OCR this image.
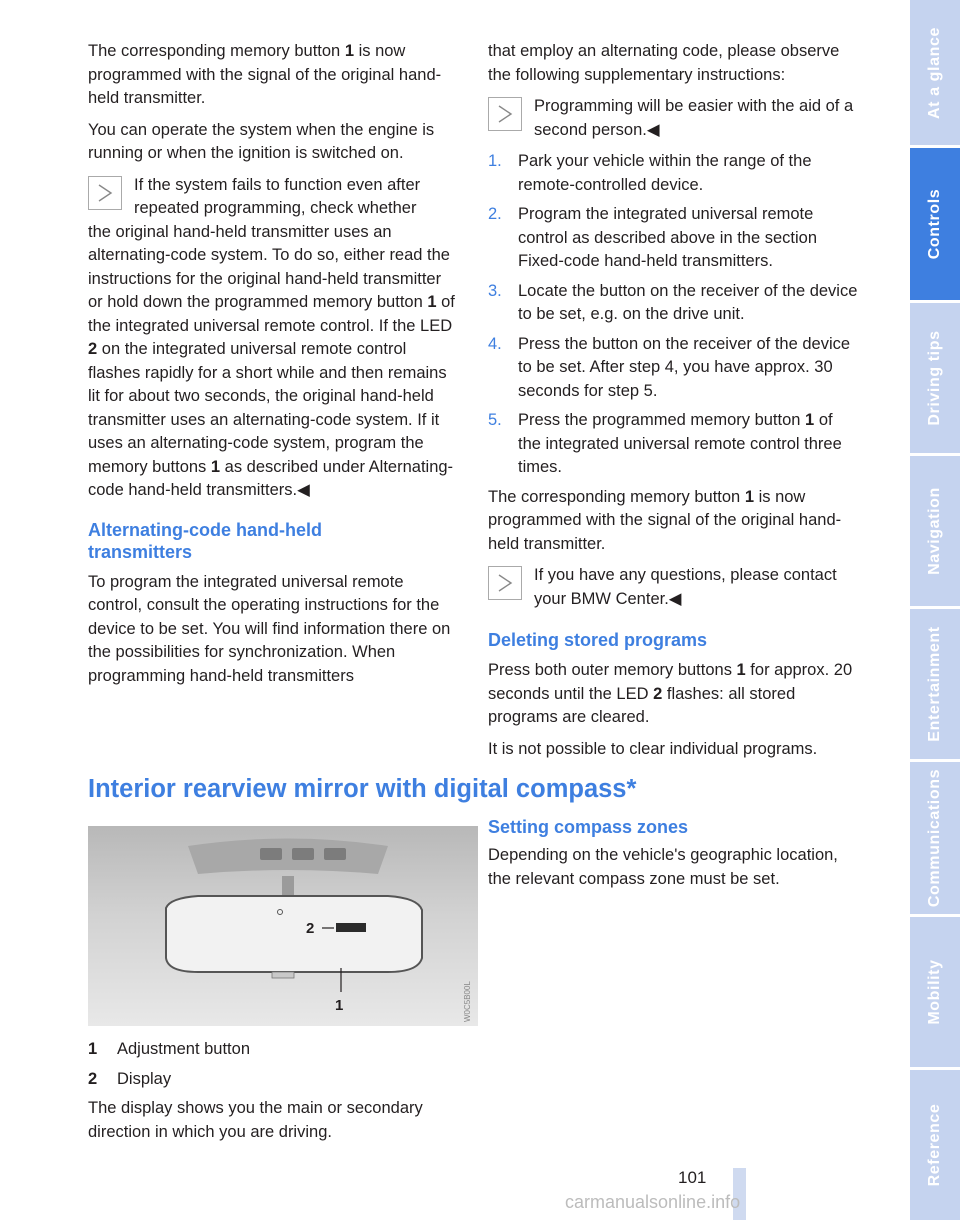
The corresponding memory button 1 is now programmed with the signal of the original hand-held transmitter.

You can operate the system when the engine is running or when the ignition is switched on.

If the system fails to function even after repeated programming, check whether

the original hand-held transmitter uses an alternating-code system. To do so, either read the instructions for the original hand-held transmitter or hold down the programmed memory button 1 of the integrated universal remote control. If the LED 2 on the integrated universal remote control flashes rapidly for a short while and then remains lit for about two seconds, the original hand-held transmitter uses an alternating-code system. If it uses an alternating-code system, program the memory buttons 1 as described under Alternating-code hand-held transmitters.◀

Alternating-code hand-held transmitters

To program the integrated universal remote control, consult the operating instructions for the device to be set. You will find information there on the possibilities for synchronization. When programming hand-held transmitters

that employ an alternating code, please observe the following supplementary instructions:

Programming will be easier with the aid of a second person.◀

1. Park your vehicle within the range of the remote-controlled device.
2. Program the integrated universal remote control as described above in the section Fixed-code hand-held transmitters.
3. Locate the button on the receiver of the device to be set, e.g. on the drive unit.
4. Press the button on the receiver of the device to be set. After step 4, you have approx. 30 seconds for step 5.
5. Press the programmed memory button 1 of the integrated universal remote control three times.

The corresponding memory button 1 is now programmed with the signal of the original hand-held transmitter.

If you have any questions, please contact your BMW Center.◀

Deleting stored programs

Press both outer memory buttons 1 for approx. 20 seconds until the LED 2 flashes: all stored programs are cleared.

It is not possible to clear individual programs.

Interior rearview mirror with digital compass*
2
1	W0C5B00L
1	Adjustment button
2	Display

The display shows you the main or secondary direction in which you are driving.

Setting compass zones

Depending on the vehicle's geographic location, the relevant compass zone must be set.

101
At a glance
Controls
Driving tips
Navigation
Entertainment
Communications
Mobility
Reference
carmanualsonline.info
